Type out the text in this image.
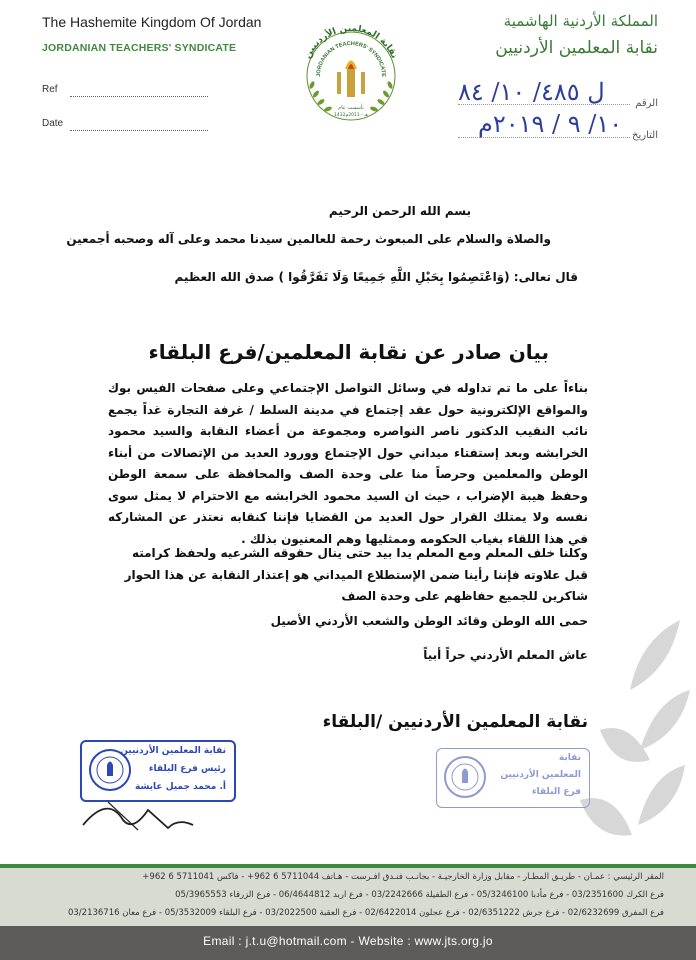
The Hashemite Kingdom Of Jordan
JORDANIAN TEACHERS' SYNDICATE
المملكة الأردنية الهاشمية
نقابة المعلمين الأردنيين
Ref
Date
الرقم
التاريخ
ل ٤٨٥/ ١٠/ ٨٤
١٠/ ٩ / ٢٠١٩م
نقابة المعلمين الأردنيين
JORDANIAN TEACHERS' SYNDICATE
تأسست عام
1432هـ - 2011م
بسم الله الرحمن الرحيم
والصلاة والسلام على المبعوث رحمة للعالمين سيدنا محمد وعلى آله وصحبه أجمعين
قال تعالى: (وَاعْتَصِمُوا بِحَبْلِ اللَّهِ جَمِيعًا وَلَا تَفَرَّقُوا ) صدق الله العظيم
بيان صادر عن نقابة المعلمين/فرع البلقاء
بناءاً على ما تم تداوله في وسائل التواصل الإجتماعي وعلى صفحات الفيس بوك والمواقع الإلكترونية حول عقد إجتماع في مدينة السلط / غرفة التجارة غداً يجمع نائب النقيب الدكتور ناصر النواصره ومجموعة من أعضاء النقابة والسيد محمود الخرابشه وبعد إستفتاء ميداني حول الإجتماع وورود العديد من الإتصالات من أبناء الوطن والمعلمين وحرصاً منا على وحدة الصف والمحافظة على سمعة الوطن وحفظ هيبة الإضراب ، حيث ان السيد محمود الخرابشه مع الاحترام لا يمثل سوى نفسه ولا يمتلك القرار حول العديد من القضايا فإننا كنقابه نعتذر عن المشاركه في هذا اللقاء بغياب الحكومه وممثليها وهم المعنيون بذلك .
وكلنا خلف المعلم ومع المعلم يدا بيد حتى ينال حقوقه الشرعيه ولحفظ كرامته قبل علاوته فإننا رأينا ضمن الإستطلاع الميداني هو إعتذار النقابة عن هذا الحوار شاكرين للجميع حفاظهم على وحدة الصف
حمى الله الوطن وقائد الوطن والشعب الأردني الأصيل
عاش المعلم الأردني حراً أبياً
نقابة المعلمين الأردنيين /البلقاء
نقابة المعلمين الأردنيين
رئيس فرع البلقاء
أ. محمد جميل عايشة
نقابة
المعلمين الأردنيين
فرع البلقاء
المقر الرئيسي : عمـان - طريـق المطـار - مقابل وزارة الخارجيـة - بجانـب فنـدق افـرست - هـاتف 5711044 6 962+ - فاكس 5711041 6 962+
فرع الكرك 03/2351600 - فرع مأدبا 05/3246100 - فرع الطفيلة 03/2242666 - فرع اربد 06/4644812 - فرع الزرقاء 05/3965553
فرع المفرق 02/6232699 - فرع جرش 02/6351222 - فرع عجلون 02/6422014 - فرع العقبة 03/2022500 - فرع البلقاء 05/3532009 - فرع معان 03/2136716
Email : j.t.u@hotmail.com - Website : www.jts.org.jo
